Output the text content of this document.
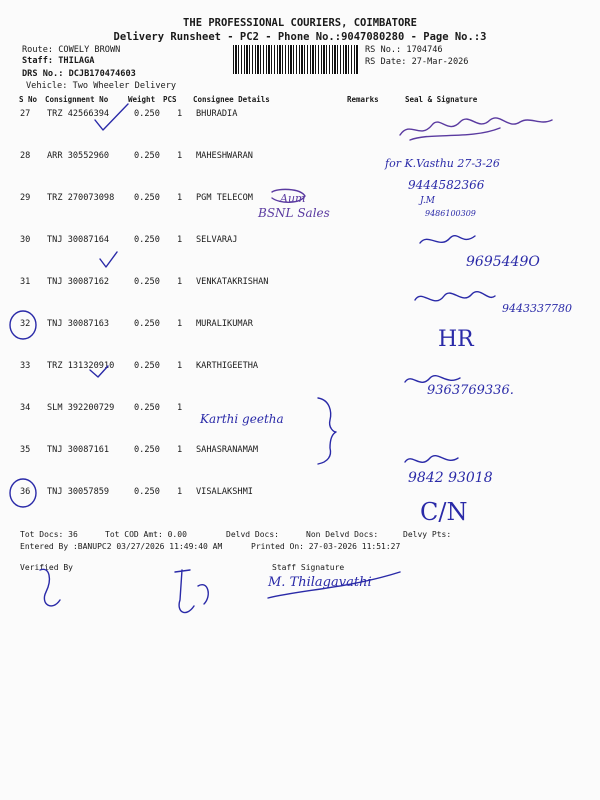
THE PROFESSIONAL COURIERS, COIMBATORE
Delivery Runsheet - PC2 - Phone No.:9047080280 - Page No.:3
Route: COWELY BROWN
Staff: THILAGA
DRS No.: DCJB170474603
Vehicle: Two Wheeler Delivery
RS No.: 1704746
RS Date: 27-Mar-2026
S No Consignment No	Weight PCS Consignee Details	Remarks	Seal & Signature
27 TRZ 42566394	0.250 1 BHURADIA
28 ARR 30552960	0.250 1 MAHESHWARAN
29 TRZ 270073098 0.250 1 PGM TELECOM
30 TNJ 30087164	0.250 1 SELVARAJ
31 TNJ 30087162	0.250 1 VENKATAKRISHAN
32 TNJ 30087163	0.250 1 MURALIKUMAR
33 TRZ 131320910 0.250 1 KARTHIGEETHA
34 SLM 392200729 0.250 1
35 TNJ 30087161	0.250 1 SAHASRANAMAM
36 TNJ 30057859	0.250 1 VISALAKSHMI
Tot Docs: 36	Tot COD Amt: 0.00	Delvd Docs:	Non Delvd Docs:	Delvy Pts:
Entered By :BANUPC2 03/27/2026 11:49:40 AM	Printed On: 27-03-2026 11:51:27
Verified By	Staff Signature
for K.Vasthu 27-3-26
9444582366
Aum
BSNL Sales
J.M
9486100309
9695449O
9443337780
HR
9363769336.
Karthi geetha
9842 93018
C/N
M. Thilagavathi
